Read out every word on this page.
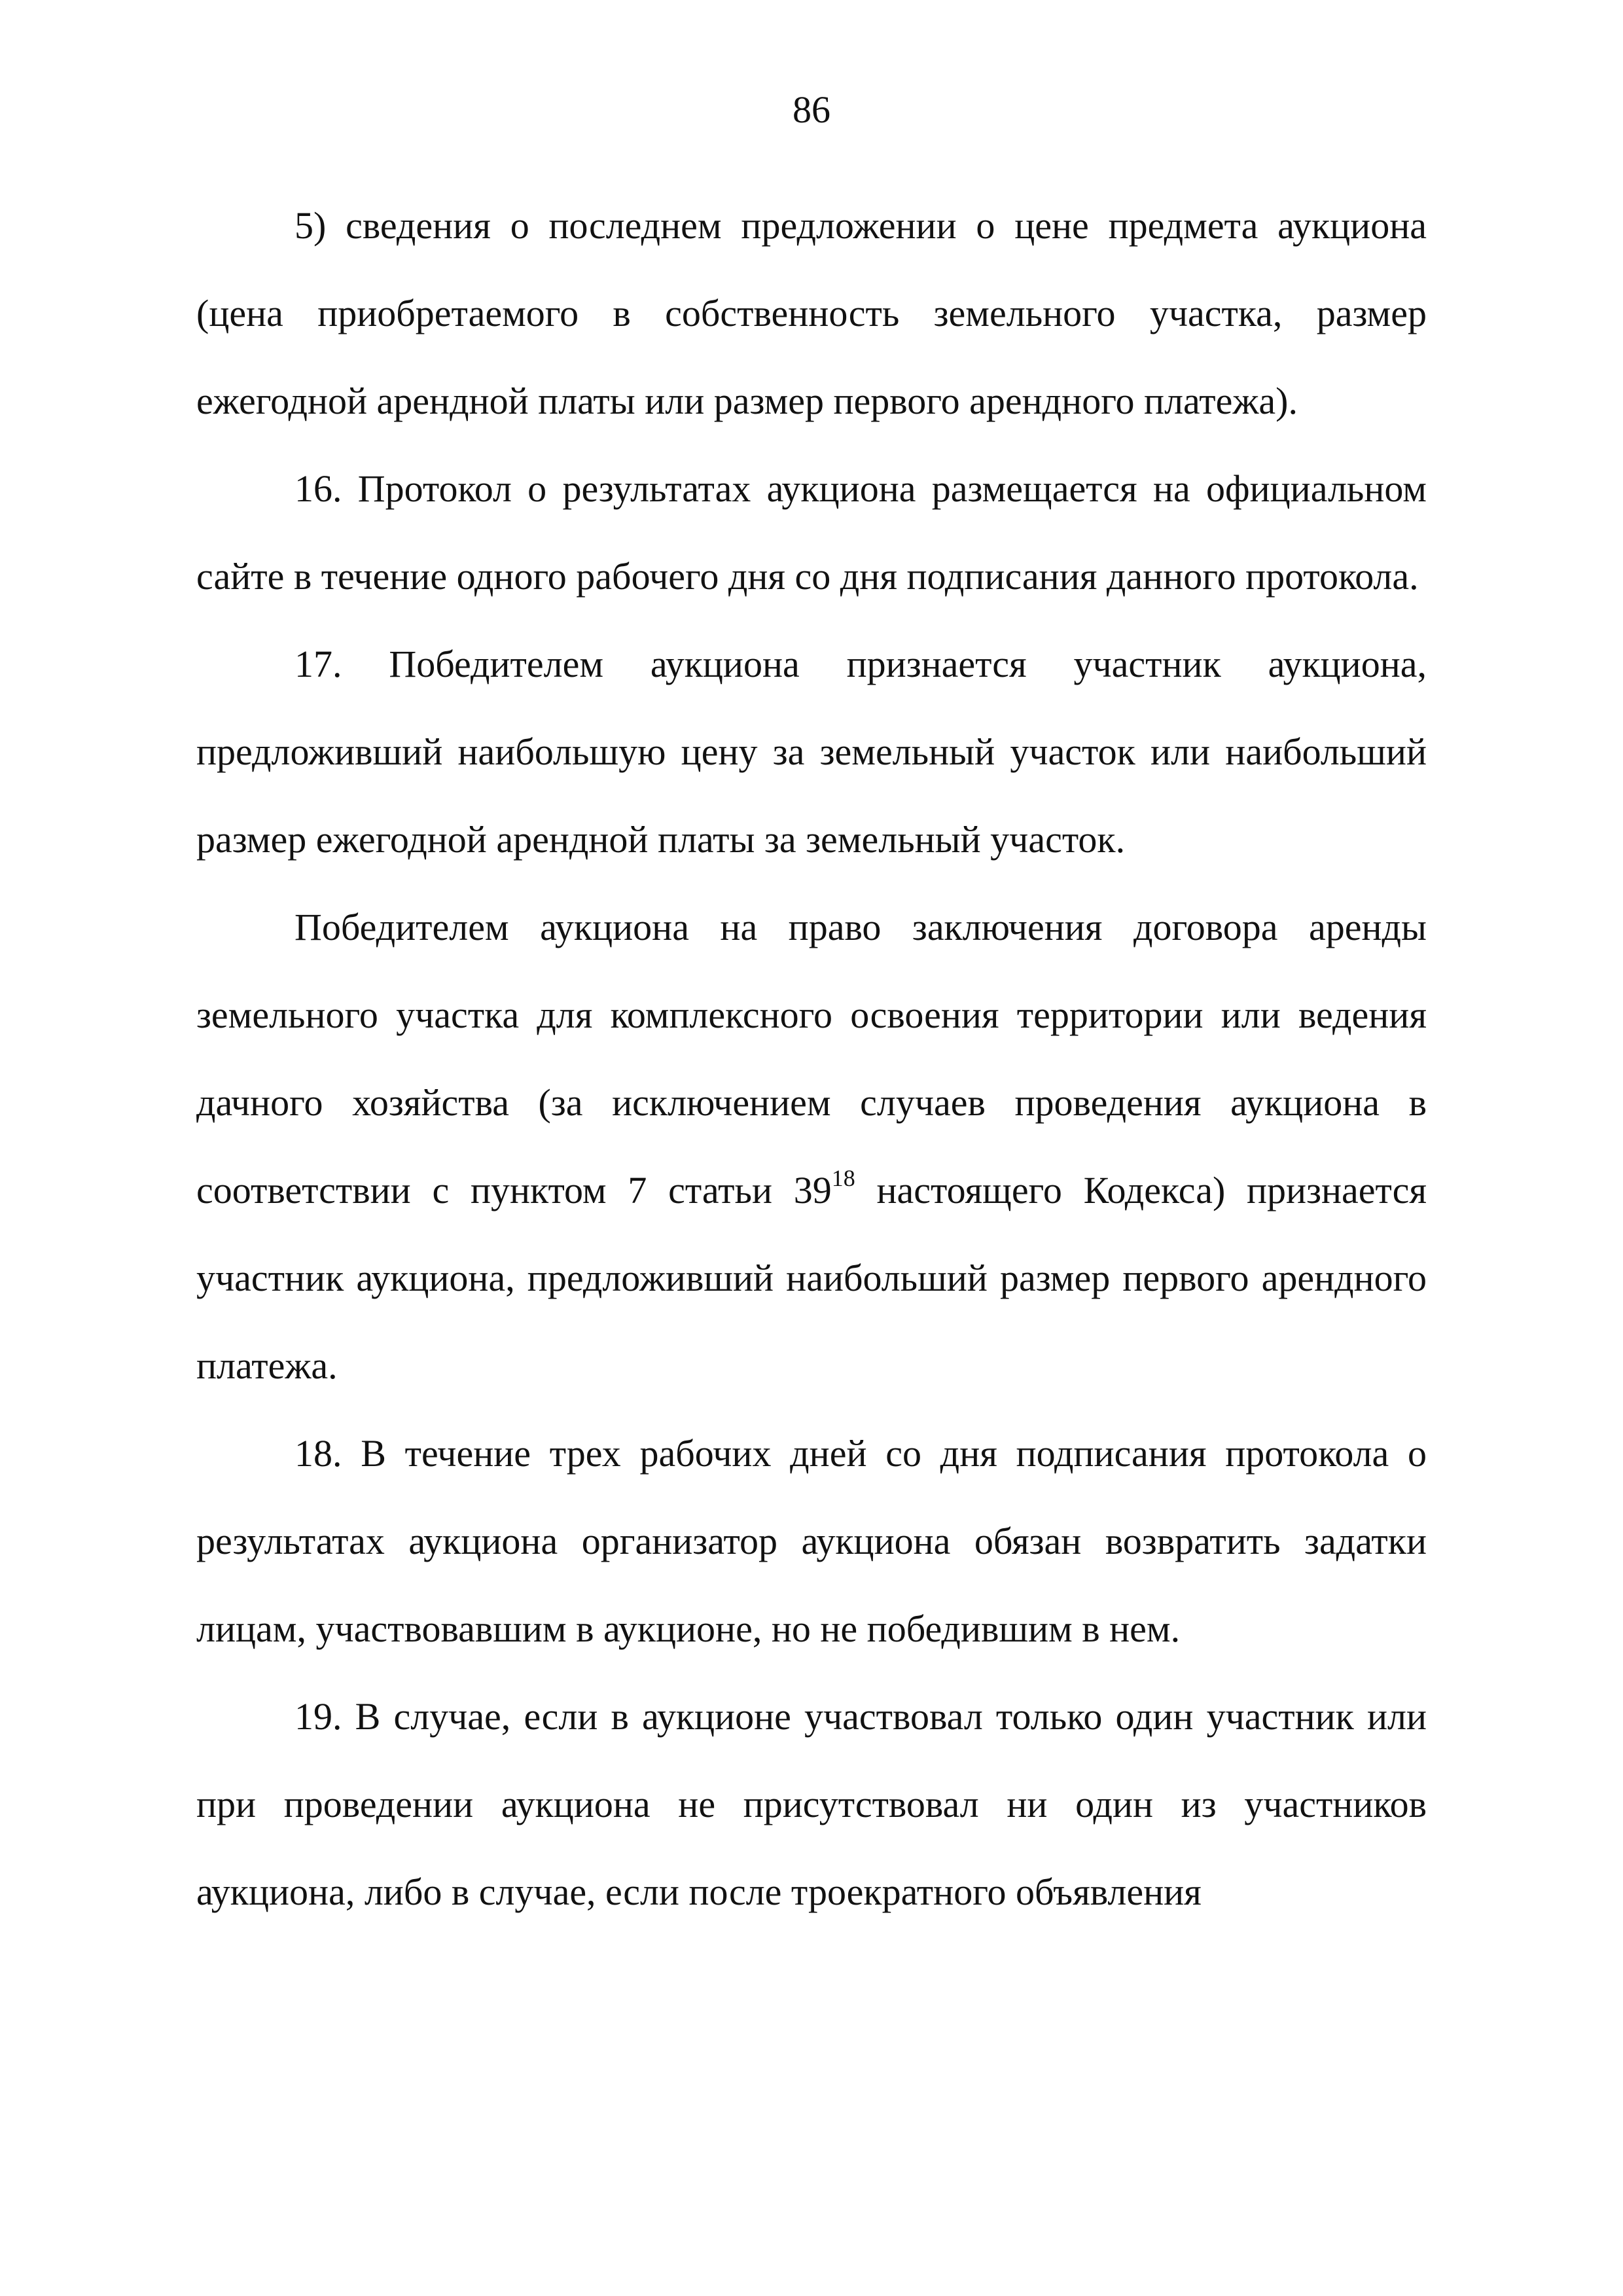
86

5) сведения о последнем предложении о цене предмета аукциона (цена приобретаемого в собственность земельного участка, размер ежегодной арендной платы или размер первого арендного платежа).

16. Протокол о результатах аукциона размещается на официальном сайте в течение одного рабочего дня со дня подписания данного протокола.

17. Победителем аукциона признается участник аукциона, предложивший наибольшую цену за земельный участок или наибольший размер ежегодной арендной платы за земельный участок.

Победителем аукциона на право заключения договора аренды земельного участка для комплексного освоения территории или ведения дачного хозяйства (за исключением случаев проведения аукциона в соответствии с пунктом 7 статьи $39^{18}$ настоящего Кодекса) признается участник аукциона, предложивший наибольший размер первого арендного платежа.

18. В течение трех рабочих дней со дня подписания протокола о результатах аукциона организатор аукциона обязан возвратить задатки лицам, участвовавшим в аукционе, но не победившим в нем.

19. В случае, если в аукционе участвовал только один участник или при проведении аукциона не присутствовал ни один из участников аукциона, либо в случае, если после троекратного объявления
